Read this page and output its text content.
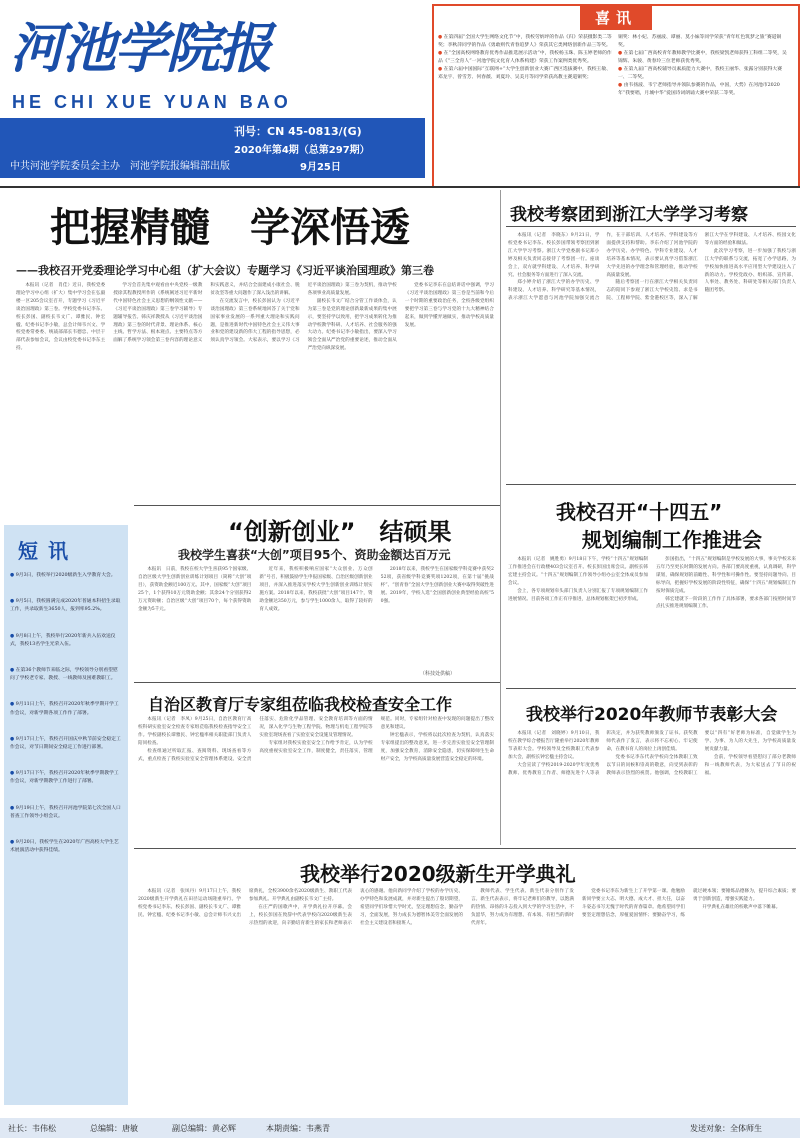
河池学院报
HE CHI XUE YUAN BAO
刊号：CN 45-0813/(G)
2020年第4期（总第297期）
中共河池学院委员会主办　河池学院报编辑部出版	9月25日
喜讯
● 在第四届“全国大学生网络文化节”中，我校劳炳坪的作品《归》荣获摄影类二等奖；李秋萍同学的作品《勇敢则代青春追梦人》荣获其它类网络创新作品三等奖。
● 在“全国高校网络教育优秀作品推选展示活动”中，我校杨玉珠、陈玉婷老师的作品《“三全育人”一河池学院文化育人体系构建》荣获工作案例类优秀奖。
● 在第六届中国国际“互联网+”大学生创新创业大赛广西区选拔赛中，我校王敏、邓龙宇、曾雪芳、何春薇、刘夏玲、吴美月等同学荣获高教主赛道铜奖；
铜奖：林小妃、苏丽波、谭丽、莫小妹等同学荣获“青年红色筑梦之旅”赛道铜奖。
● 在第七届广西高校青年教师教学比赛中，我校梁凯老师获得工科组二等奖，吴锦辉、朱骏、黄春玲三位老师获优秀奖。
● 在第九届广西高校辅导员素质能力大赛中，我校王丽华、张露分别获得大赛一、二等奖。
● 由韦扬波、韦宁老师指导并领队参赛的作品，中国，大势》在河池市2020年“我要唱，月城中华”爱国诗词朗诵大赛中荣获二等奖。
把握精髓　学深悟透
——我校召开党委理论学习中心组（扩大会议）专题学习《习近平谈治国理政》第三卷

本报讯（记者　肖佳）近日，我校党委理论学习中心组（扩大）集中学习会在弘毅楼一区205会议室召开，专题学习《习近平谈治国理政》第三卷。学校党委书记李东、校长彭国、副校长韦文广、谭雅民、钟宏楹、纪委书记李小敏，总会计师韦兴文、学校党委常委委、统战部部长韦德忠、中层干部代表参加会议，会议由校党委书记李东主持。

学习会首先集中观看由中央党校一级教授徐其程教授所作的《系统阐述习近平新时代中国特色社会主义思想的纲领性文献——《习近平谈治国理政》第三卷学习辅导》专题辅导报告。韩庆祥教授从《习近平谈治国理政》第三卷的时代背景、理论体系、核心主线、哲学方法、根本观点、主要特点等方面解了系统学习领会第三卷内容的理论意义和实践意义，并结合全面建成小康社会、脱贫攻坚等重大问题作了深入浅出的讲解。

在交流发言中，校长彭国认为《习近平谈治国理政》第三卷系统地回答了关于党和国家事业发展的一系列重大理论和实践问题，是推进新时代中国特色社会主义伟大事业和党的建设新的伟大工程的指导思想，必须认真学习领会。大家表示，要以学习《习近平谈治国理政》第三卷为契机，推动学校各项事业高质量发展。

副校长韦文广结合分管工作谈体会，认为第三卷是党的理论创新最新成果的集中展示，要坚持学以致用，把学习成果转化为推动学校教学科研、人才培养、社会服务的强大动力。纪委书记李小敏指出，要深入学习领会全面从严治党的重要论述，推动全面从严治党向纵深发展。

党委书记李东在总结讲话中强调，学习《习近平谈治国理政》第三卷是当前和今后一个时期的重要政治任务，全校各级党组织要把学习第三卷与学习党的十九大精神结合起来，做到学懂弄通做实，推动学校高质量发展。

我校考察团到浙江大学学习考察

本报讯（记者　李晓东）9月21日，学校党委书记李东、校长彭国带领考察团到浙江大学学习考察。浙江大学党委副书记郑小婷及相关负责同志接待了考察团一行。座谈会上，双方就学科建设、人才培养、科学研究、社会服务等方面进行了深入交流。

郑小婷介绍了浙江大学的办学历史、学科建设、人才培养、科学研究等基本情况，表示浙江大学愿意与河池学院加强交流合作，在干部培训、人才培养、学科建设等方面提供支持和帮助。李东介绍了河池学院的办学历史、办学特色、学科专业建设、人才培养等基本情况，表示要认真学习借鉴浙江大学先进的办学理念和管理经验，推动学校高质量发展。

随后考察团一行在浙江大学相关负责同志的陪同下参观了浙江大学校史馆、求是书院、工程师学院、紫金港校区等，深入了解浙江大学在学科建设、人才培养、校园文化等方面的经验和做法。

此次学习考察，进一步加强了我校与浙江大学的联系与交流，拓宽了办学思路，为学校加快推进高水平应用型大学建设注入了新的动力。学校党政办、组织部、宣传部、人事处、教务处、科研处等相关部门负责人随团考察。

我校召开“十四五”
规划编制工作推进会

本报讯（记者　姚胜勇）9月18日下午，学校“十四五”规划编制工作推进会在行政楼403会议室召开。校长彭国出席会议。副校长韩宏建主持会议。“十四五”规划编制工作领导小组办公室全体成员参加会议。

会上，各专项规划牵头部门负责人分别汇报了专项规划编制工作进展情况。目前各项工作正有序推进，总体规划框架已初步形成。

彭国指出，“十四五”规划编制是学校发展的大事，事关学校未来五年乃至更长时期的发展方向。各部门要高度重视，认真调研，科学谋划，确保规划的前瞻性、科学性和可操作性。要坚持问题导向、目标导向，把握好学校发展的阶段性特征，确保“十四五”规划编制工作按时保质完成。

韩宏建就下一阶段的工作作了具体部署，要求各部门按照时间节点扎实推进规划编制工作。

我校举行2020年教师节表彰大会

本报讯（记者　刘晓婷）9月10日，我校在教学综合楼报告厅隆重举行2020年教师节表彰大会。学校领导及全校教职工代表参加大会，副校长钟宏楹主持会议。

大会宣读了学校2019-2020学年度优秀教师、优秀教育工作者、师德先进个人等表彰决定，并为获奖教师颁发了证书。获奖教师代表作了发言，表示将不忘初心、牢记使命，在教书育人的岗位上再创佳绩。

党委书记李东代表学校向全体教职工致以节日的问候和崇高的敬意，向受到表彰的教师表示热烈的祝贺。他强调，全校教职工要以“四有”好老师为标准，自觉做学生为学、为事、为人的大先生，为学校高质量发展贡献力量。

会前，学校领导看望慰问了部分老教师和一线教师代表，为大家送去了节日的祝福。

短讯
● 9月3日，我校举行2020级新生入学教育大会。
● 9月5日，我校圆满完成2020年普通本科招生录取工作，共录取新生3650人，报到率95.2%。
● 9月8日上午，我校举行2020年新兵入伍欢送仪式，我校13名学生光荣入伍。
● 在第36个教师节来临之际，学校领导分别看望慰问了学校老专家、教授、一线教师及困难教职工。
● 9月11日上午，我校召开2020年秋季学期开学工作会议，对新学期各项工作作了部署。
● 9月17日上午，我校召开国庆中秋节前安全稳定工作会议，对节日期间安全稳定工作进行部署。
● 9月17日下午，我校召开2020年秋季学期教学工作会议，对新学期教学工作进行了部署。
● 9月19日上午，我校召开河池学院第七次全国人口普查工作领导小组会议。
● 9月20日，我校学生在2020年广西高校大学生艺术展演活动中获得佳绩。
“创新创业”　结硕果
我校学生喜获“大创”项目95个、资助金额达百万元

本报讯　日前，我校在校大学生喜获95个国家级、自治区级大学生创新创业训练计划项目（简称“大创”项目），获资助金额近100万元。其中，国家级“大创”项目25个，1个获得10万元资助金额；其余24个分别获得2万元资助额；自治区级“大创”项目70个，每个获得资助金额为5千元。

近年来，我校积极响应国家“大众创业、万众创新”号召，积极鼓励学生申报国家级、自治区级创新创业项目，并深入推进落实学校大学生创新创业训练计划实施方案。2018年以来，我校获批“大创”项目147个，资助金额达350万元，参与学生1000余人，取得了较好的育人成效。

2018年以来，我校学生在国家级学科竞赛中获奖252项，获省级学科竞赛奖项1202项，在第十届“挑战杯”、“创青春”全国大学生创新创业大赛中取得突破性进展。2019年，学校人选“全国创新创业典型经验高校”50强。

（科技处供稿）
自治区教育厅专家组莅临我校检查安全工作

本报讯（记者　李凤）9月25日，自治区教育厅高校科研实验室安全检查专家组莅临我校检查指导安全工作。学校副校长谭雅民、钟宏楹率相关职能部门负责人陪同检查。

检查组通过听取汇报、查阅资料、现场查看等方式，重点检查了我校实验室安全管理体系建设、安全责任落实、危险化学品管理、安全教育培训等方面的情况，深入化学与生物工程学院、物理与机电工程学院等实验室现场查看了实验室安全设施及管理情况。

专家组对我校实验室安全工作给予肯定，认为学校高度重视实验室安全工作，制度健全，责任落实，管理规范。同时，专家组针对检查中发现的问题提出了整改意见和建议。

钟宏楹表示，学校将以此次检查为契机，认真落实专家组提出的整改意见，进一步完善实验室安全管理制度，加强安全教育，消除安全隐患，切实保障师生生命财产安全，为学校高质量发展营造安全稳定的环境。

我校举行2020级新生开学典礼

本报讯（记者　张凤丹）9月17日上午，我校2020级新生开学典礼在田径运动场隆重举行。学校党委书记李东、校长彭国、副校长韦文广、谭雅民、钟宏楹、纪委书记李小敏、总会计师韦兴文出席典礼，全校3900余名2020级新生、教职工代表参加典礼。开学典礼由副校长韦文广主持。

在庄严的国歌声中，开学典礼拉开序幕。会上，校长彭国在致辞中代表学校向2020级新生表示热烈的欢迎，向辛勤培育新生的家长和老师表示衷心的感谢。他向新同学介绍了学校的办学历史、办学特色和发展成就，并对新生提出了殷切期望，希望同学们珍惜大学时光，坚定理想信念，勤奋学习，全面发展，努力成长为德智体美劳全面发展的社会主义建设者和接班人。

教师代表、学生代表、新生代表分别作了发言。新生代表表示，将牢记老师们的教导，以饱满的热情、昂扬的斗志投入到大学的学习生活中，不负韶华，努力成为有理想、有本领、有担当的新时代青年。

党委书记李东为新生上了开学第一课。他勉励新同学要立大志、明大德、成大才、担大任，以奋斗姿态书写无愧于时代的青春篇章。他希望同学们要坚定理想信念，厚植爱国情怀；要勤奋学习，练就过硬本领；要锤炼品德修为，提升综合素质；要勇于创新创造，增强实践能力。

开学典礼在雄壮的校歌声中落下帷幕。

社长：韦伟松	总编辑：唐敏	副总编辑：黄必辉	本期责编：韦燕青	发送对象：全体师生
